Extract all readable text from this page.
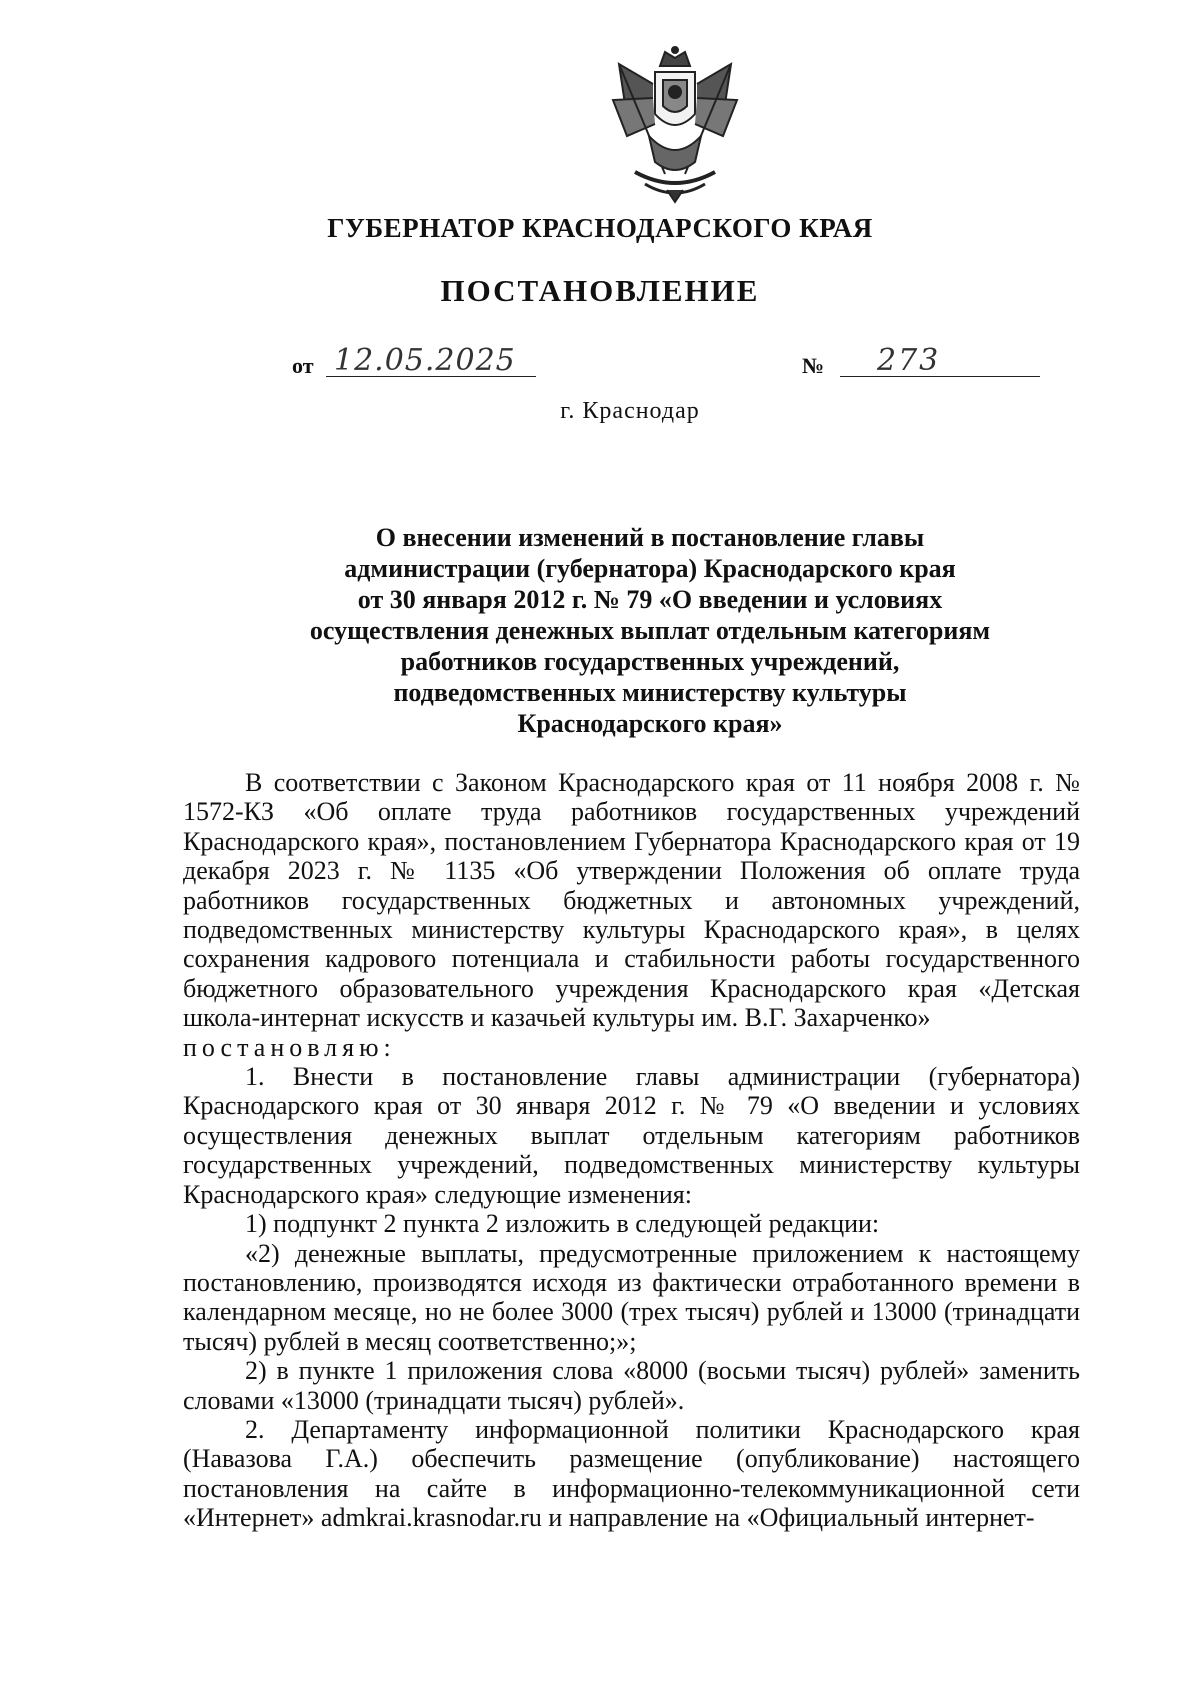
ГУБЕРНАТОР КРАСНОДАРСКОГО КРАЯ
ПОСТАНОВЛЕНИЕ
от 12.05.2025	№ 273
г. Краснодар
О внесении изменений в постановление главы
администрации (губернатора) Краснодарского края
от 30 января 2012 г. № 79 «О введении и условиях
осуществления денежных выплат отдельным категориям
работников государственных учреждений,
подведомственных министерству культуры
Краснодарского края»

В соответствии с Законом Краснодарского края от 11 ноября 2008 г. № 1572-КЗ «Об оплате труда работников государственных учреждений Краснодарского края», постановлением Губернатора Краснодарского края от 19 декабря 2023 г. № 1135 «Об утверждении Положения об оплате труда работников государственных бюджетных и автономных учреждений, подведомственных министерству культуры Краснодарского края», в целях сохранения кадрового потенциала и стабильности работы государственного бюджетного образовательного учреждения Краснодарского края «Детская школа-интернат искусств и казачьей культуры им. В.Г. Захарченко»

постановляю:

1. Внести в постановление главы администрации (губернатора) Краснодарского края от 30 января 2012 г. № 79 «О введении и условиях осуществления денежных выплат отдельным категориям работников государственных учреждений, подведомственных министерству культуры Краснодарского края» следующие изменения:

1) подпункт 2 пункта 2 изложить в следующей редакции:

«2) денежные выплаты, предусмотренные приложением к настоящему постановлению, производятся исходя из фактически отработанного времени в календарном месяце, но не более 3000 (трех тысяч) рублей и 13000 (тринадцати тысяч) рублей в месяц соответственно;»;

2) в пункте 1 приложения слова «8000 (восьми тысяч) рублей» заменить словами «13000 (тринадцати тысяч) рублей».

2. Департаменту информационной политики Краснодарского края (Навазова Г.А.) обеспечить размещение (опубликование) настоящего постановления на сайте в информационно-телекоммуникационной сети «Интернет» admkrai.krasnodar.ru и направление на «Официальный интернет-
